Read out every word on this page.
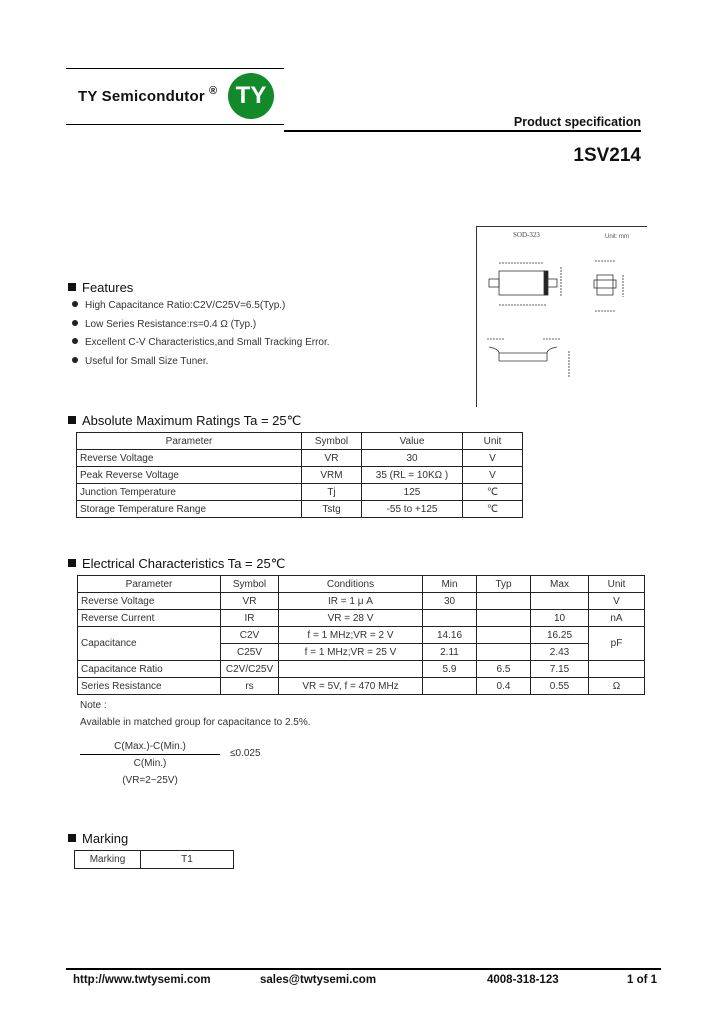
TY Semicondutor ® TY
Product specification
1SV214
SOD-323	Unit: mm
Features
High Capacitance Ratio:C2V/C25V=6.5(Typ.)
Low Series Resistance:rs=0.4 Ω (Typ.)
Excellent C-V Characteristics,and Small Tracking Error.
Useful for Small Size Tuner.
Absolute Maximum Ratings Ta = 25℃
Parameter	Symbol	Value	Unit
Reverse Voltage	VR	30	V
Peak Reverse Voltage	VRM	35 (RL = 10KΩ )	V
Junction Temperature	Tj	125	℃
Storage Temperature Range	Tstg	-55 to +125	℃
Electrical Characteristics Ta = 25℃
Parameter	Symbol	Conditions	Min	Typ	Max	Unit
Reverse Voltage	VR	IR = 1 μ A	30			V
Reverse Current	IR	VR = 28 V			10	nA
Capacitance	C2V	f = 1 MHz;VR = 2 V	14.16		16.25	pF
	C25V	f = 1 MHz;VR = 25 V	2.11		2.43	
Capacitance Ratio	C2V/C25V		5.9	6.5	7.15	
Series Resistance	rs	VR = 5V, f = 470 MHz		0.4	0.55	Ω
Note :
Available in matched group for capacitance to 2.5%.
C(Max.)-C(Min.)
C(Min.)
(VR=2~25V)
≤0.025
Marking
Marking	T1
http://www.twtysemi.com	sales@twtysemi.com	4008-318-123	1 of 1
